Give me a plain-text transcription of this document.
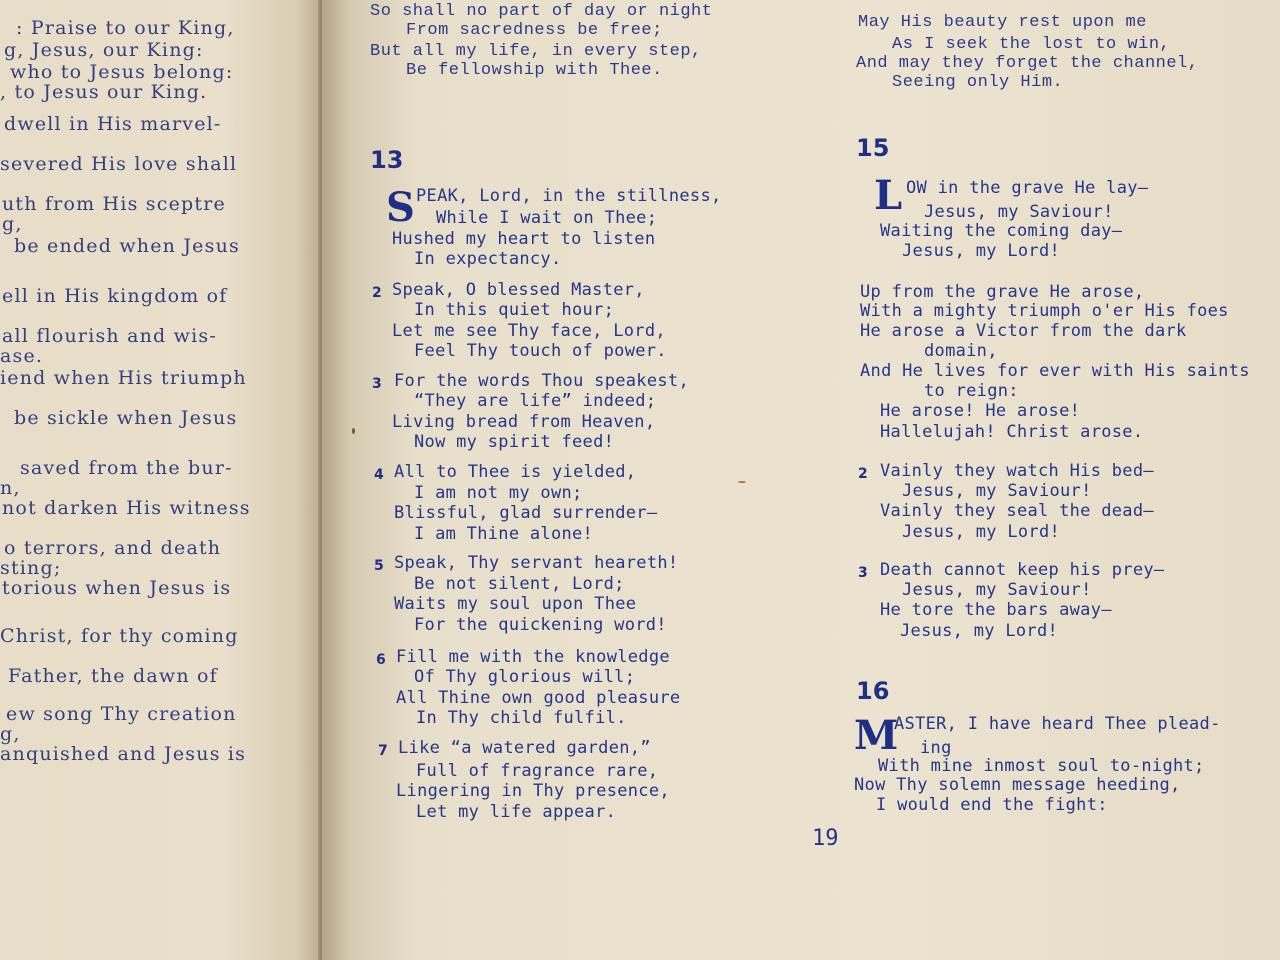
: Praise to our King,
g, Jesus, our King:
who to Jesus belong:
, to Jesus our King.
dwell in His marvel-
severed His love shall
uth from His sceptre
g,
be ended when Jesus
ell in His kingdom of
all flourish and wis-
ase.
iend when His triumph
be sickle when Jesus
saved from the bur-
n,
not darken His witness
o terrors, and death
sting;
torious when Jesus is
Christ, for thy coming
Father, the dawn of
ew song Thy creation
g,
anquished and Jesus is
So shall no part of day or night
From sacredness be free;
But all my life, in every step,
Be fellowship with Thee.
13
S PEAK, Lord, in the stillness,
While I wait on Thee;
Hushed my heart to listen
In expectancy.
2 Speak, O blessed Master,
In this quiet hour;
Let me see Thy face, Lord,
Feel Thy touch of power.
3 For the words Thou speakest,
“They are life” indeed;
Living bread from Heaven,
Now my spirit feed!
4 All to Thee is yielded,
I am not my own;
Blissful, glad surrender—
I am Thine alone!
5 Speak, Thy servant heareth!
Be not silent, Lord;
Waits my soul upon Thee
For the quickening word!
6 Fill me with the knowledge
Of Thy glorious will;
All Thine own good pleasure
In Thy child fulfil.
7 Like “a watered garden,”
Full of fragrance rare,
Lingering in Thy presence,
Let my life appear.
May His beauty rest upon me
As I seek the lost to win,
And may they forget the channel,
Seeing only Him.
15
L OW in the grave He lay—
Jesus, my Saviour!
Waiting the coming day—
Jesus, my Lord!
Up from the grave He arose,
With a mighty triumph o'er His foes
He arose a Victor from the dark
domain,
And He lives for ever with His saints
to reign:
He arose! He arose!
Hallelujah! Christ arose.
2 Vainly they watch His bed—
Jesus, my Saviour!
Vainly they seal the dead—
Jesus, my Lord!
3 Death cannot keep his prey—
Jesus, my Saviour!
He tore the bars away—
Jesus, my Lord!
16
M
ASTER, I have heard Thee plead-
ing
With mine inmost soul to-night;
Now Thy solemn message heeding,
I would end the fight:
19
